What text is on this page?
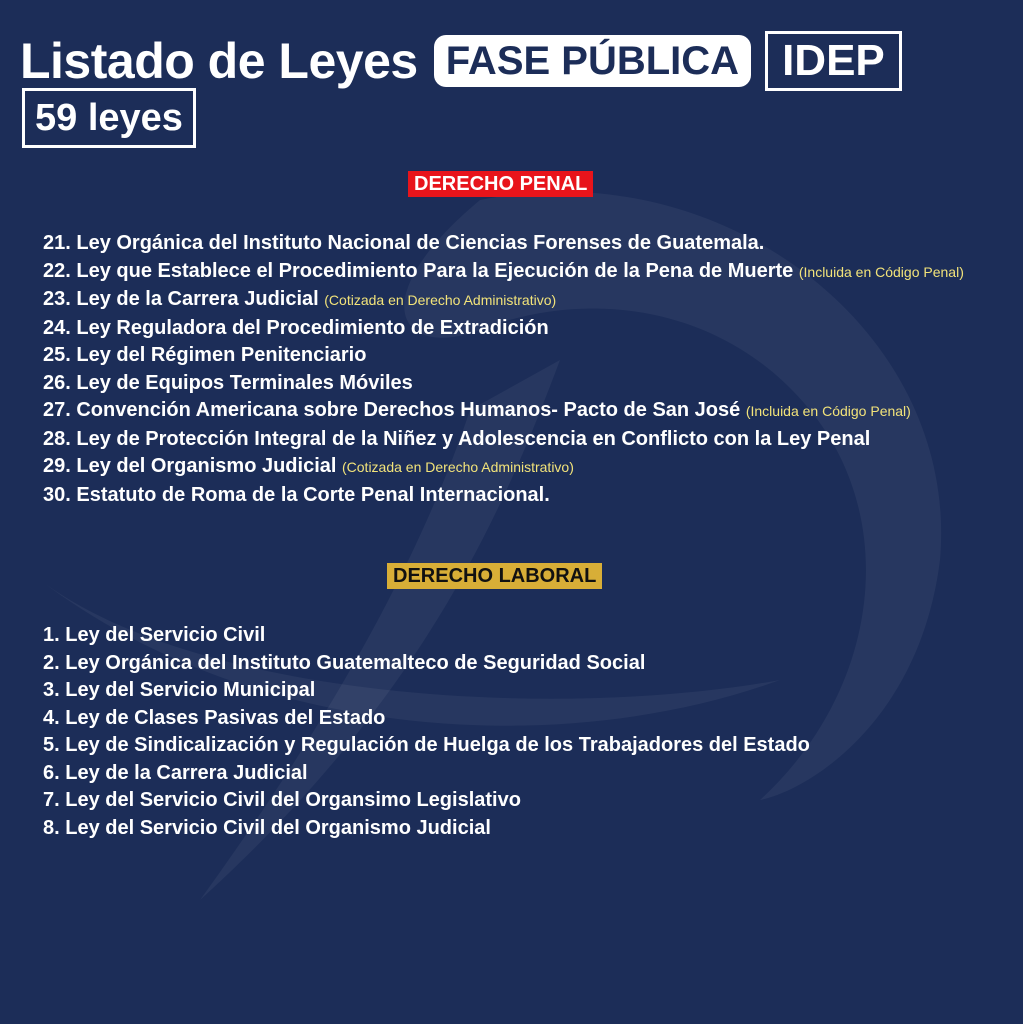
Listado de Leyes FASE PÚBLICA IDEP
59 leyes
DERECHO PENAL
21. Ley Orgánica del Instituto Nacional de Ciencias Forenses de Guatemala.
22. Ley que Establece el Procedimiento Para la Ejecución de la Pena de Muerte (Incluida en Código Penal)
23. Ley de la Carrera Judicial (Cotizada en Derecho Administrativo)
24. Ley Reguladora del Procedimiento de Extradición
25. Ley del Régimen Penitenciario
26. Ley de Equipos Terminales Móviles
27. Convención Americana sobre Derechos Humanos- Pacto de San José (Incluida en Código Penal)
28. Ley de Protección Integral de la Niñez y Adolescencia en Conflicto con la Ley Penal
29. Ley del Organismo Judicial (Cotizada en Derecho Administrativo)
30. Estatuto de Roma de la Corte Penal Internacional.
DERECHO LABORAL
1. Ley del Servicio Civil
2. Ley Orgánica del Instituto Guatemalteco de Seguridad Social
3. Ley del Servicio Municipal
4. Ley de Clases Pasivas del Estado
5. Ley de Sindicalización y Regulación de Huelga de los Trabajadores del Estado
6. Ley de la Carrera Judicial
7. Ley del Servicio Civil del Organsimo Legislativo
8. Ley del Servicio Civil del Organismo Judicial
